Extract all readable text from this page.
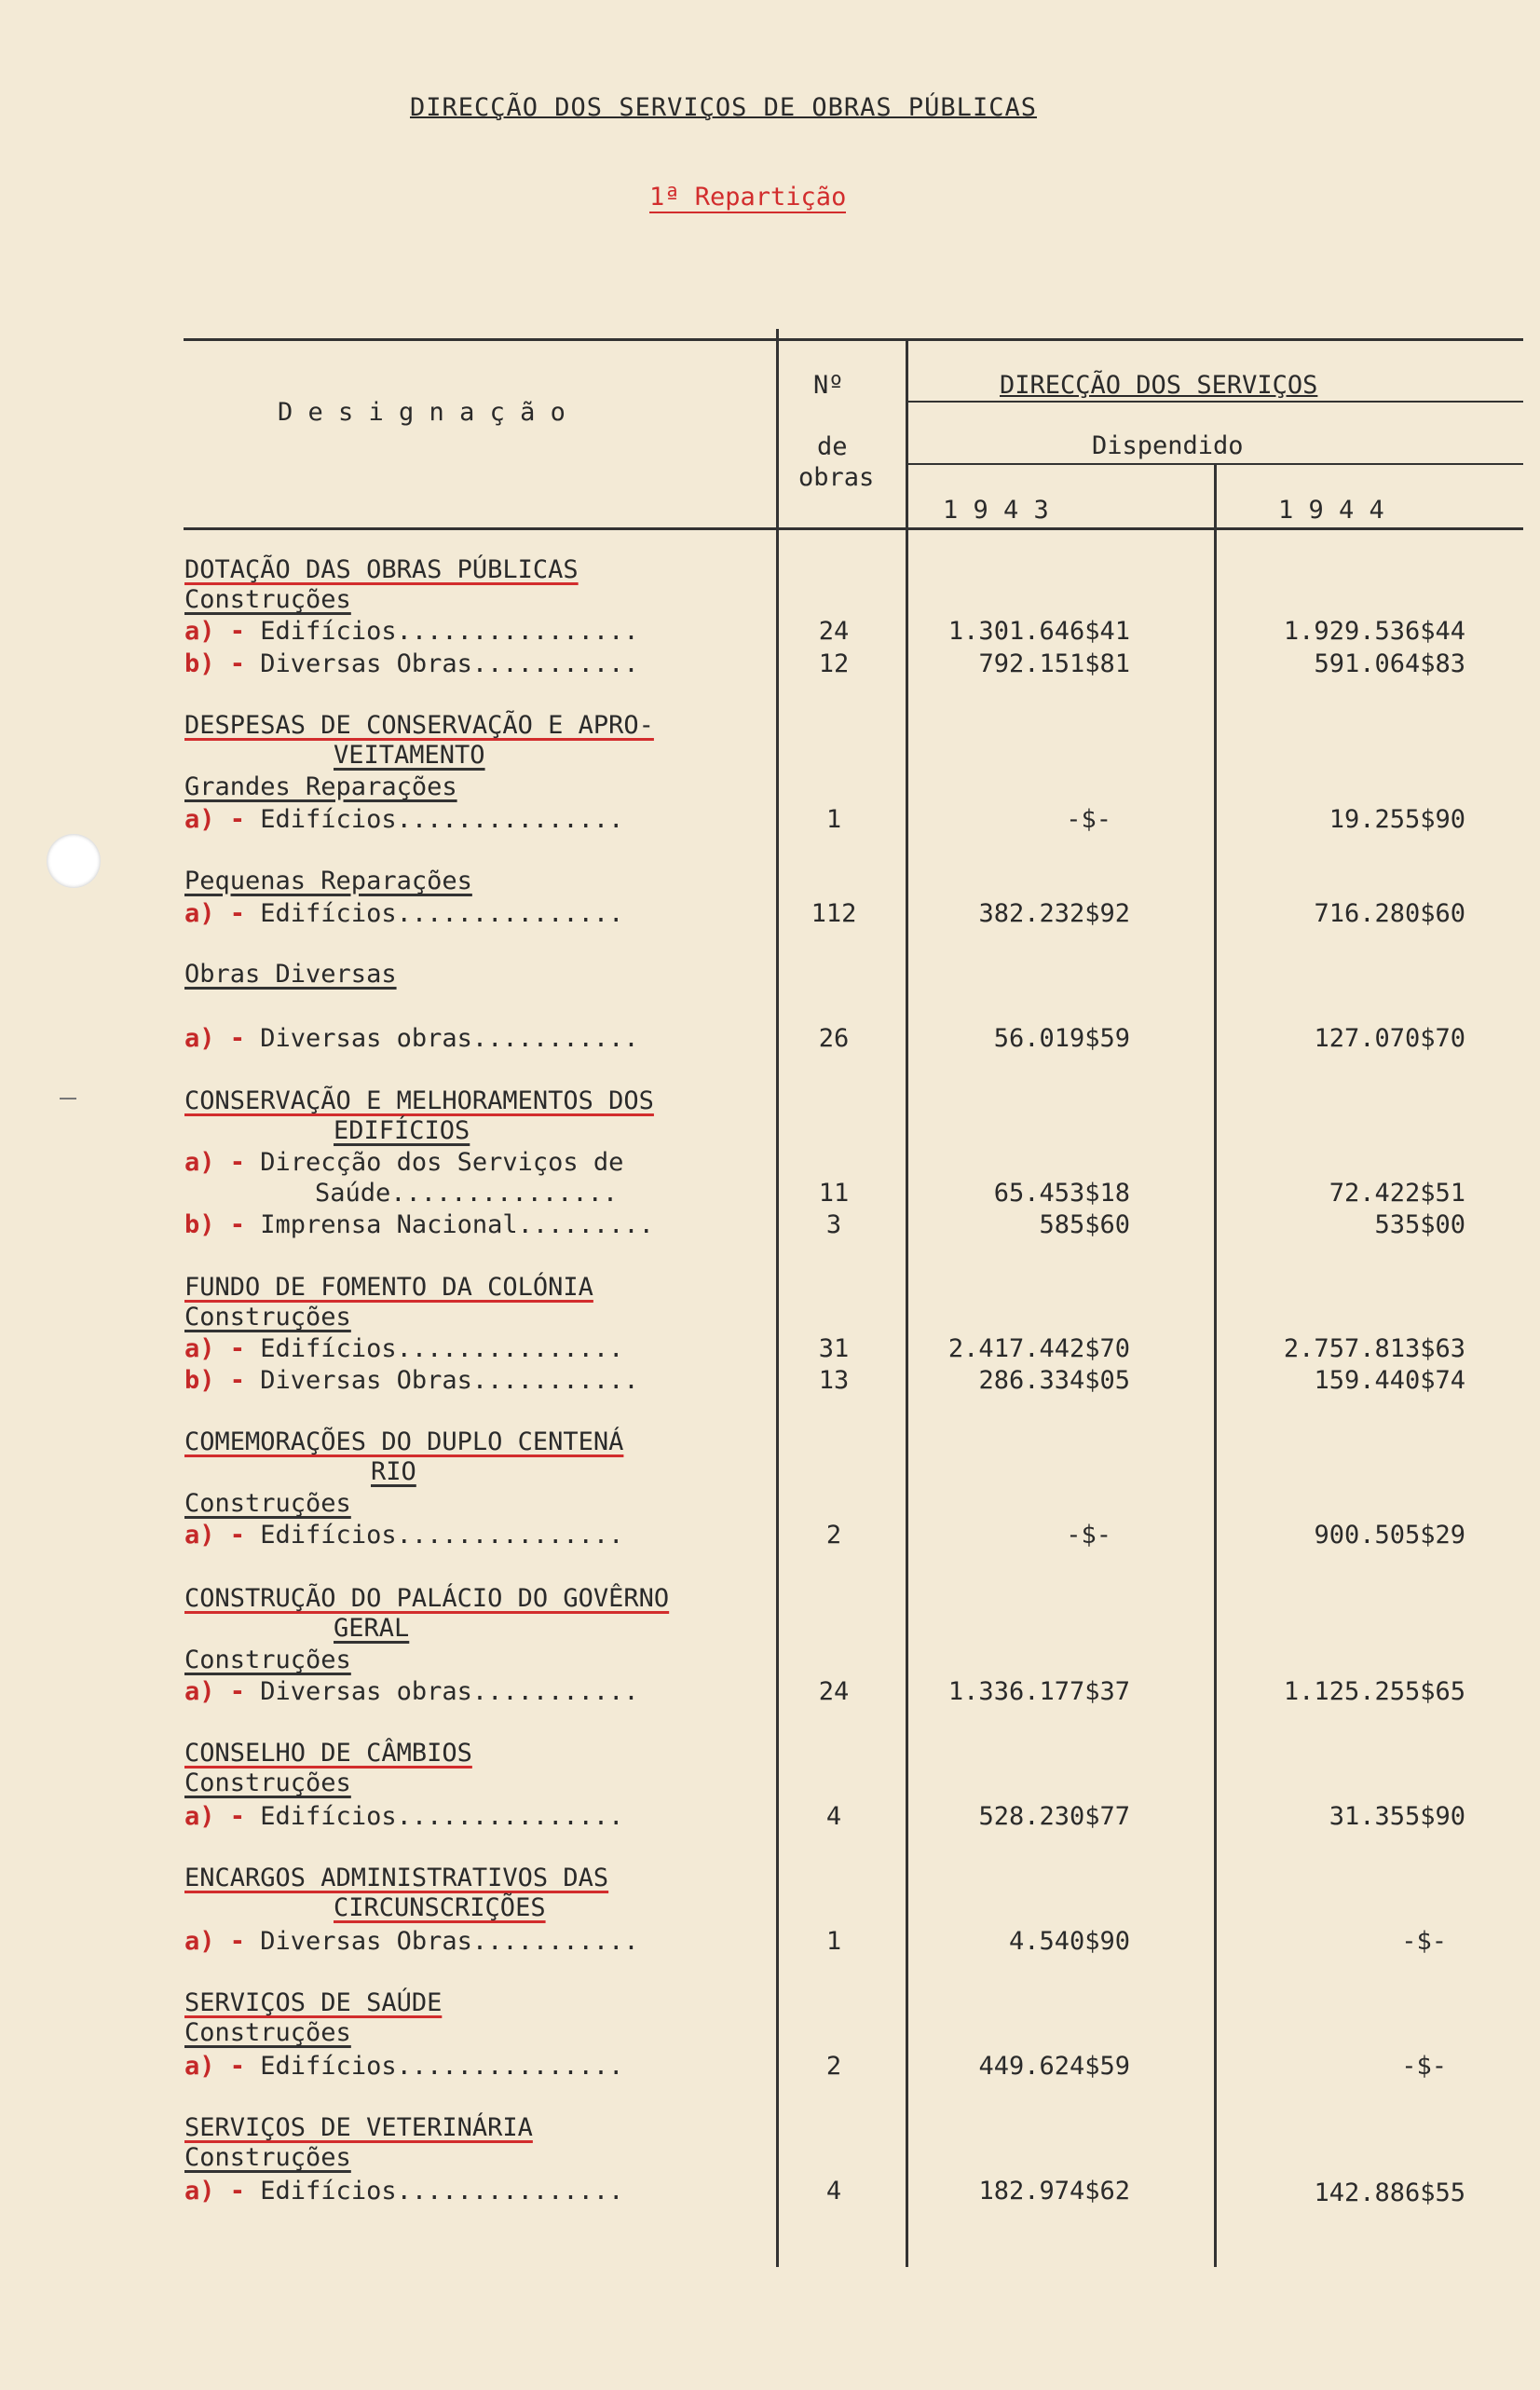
DIRECÇÃO DOS SERVIÇOS DE OBRAS PÚBLICAS
1ª Repartição
D e s i g n a ç ã o
Nº
de
obras
DIRECÇÃO DOS SERVIÇOS
Dispendido
1 9 4 3	1 9 4 4
DOTAÇÃO DAS OBRAS PÚBLICAS
Construções
a) - Edifícios................	24	1.301.646$41	1.929.536$44
b) - Diversas Obras...........	12	792.151$81	591.064$83
DESPESAS DE CONSERVAÇÃO E APRO-
VEITAMENTO
Grandes Reparações
a) - Edifícios...............	1	-$-	19.255$90
Pequenas Reparações
a) - Edifícios...............	112	382.232$92	716.280$60
Obras Diversas
a) - Diversas obras...........	26	56.019$59	127.070$70
CONSERVAÇÃO E MELHORAMENTOS DOS
EDIFÍCIOS
a) - Direcção dos Serviços de
Saúde...............	11	65.453$18	72.422$51
b) - Imprensa Nacional.........	3	585$60	535$00
FUNDO DE FOMENTO DA COLÓNIA
Construções
a) - Edifícios...............	31	2.417.442$70	2.757.813$63
b) - Diversas Obras...........	13	286.334$05	159.440$74
COMEMORAÇÕES DO DUPLO CENTENÁ
RIO
Construções
a) - Edifícios...............	2	-$-	900.505$29
CONSTRUÇÃO DO PALÁCIO DO GOVÊRNO
GERAL
Construções
a) - Diversas obras...........	24	1.336.177$37	1.125.255$65
CONSELHO DE CÂMBIOS
Construções
a) - Edifícios...............	4	528.230$77	31.355$90
ENCARGOS ADMINISTRATIVOS DAS
CIRCUNSCRIÇÕES
a) - Diversas Obras...........	1	4.540$90	-$-
SERVIÇOS DE SAÚDE
Construções
a) - Edifícios...............	2	449.624$59	-$-
SERVIÇOS DE VETERINÁRIA
Construções
a) - Edifícios...............	4	182.974$62	142.886$55
